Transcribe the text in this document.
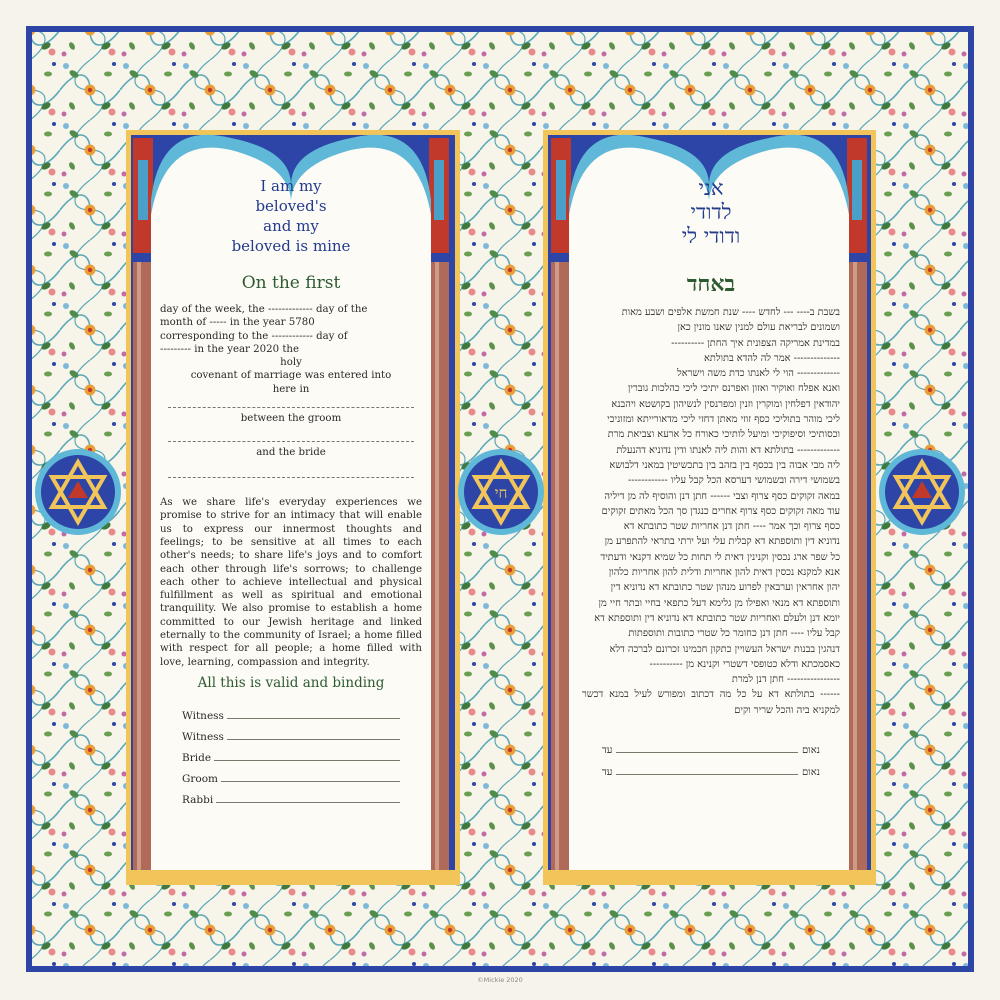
חי
I am my
beloved's
and my
beloved is mine
אני
לדודי
ודודי לי
On the first
day of the week, the ------------- day of the
month of ----- in the year 5780
corresponding to the ------------ day of
--------- in the year 2020 the
holy
covenant of marriage was entered into
here in
between the groom
and the bride
As we share life's everyday experiences we promise to strive for an intimacy that will enable us to express our innermost thoughts and feelings; to be sensitive at all times to each other's needs; to share life's joys and to comfort each other through life's sorrows; to challenge each other to achieve intellectual and physical fulfillment as well as spiritual and emotional tranquility. We also promise to establish a home committed to our Jewish heritage and linked eternally to the community of Israel; a home filled with respect for all people; a home filled with love, learning, compassion and integrity.
All this is valid and binding
Witness
Witness
Bride
Groom
Rabbi
באחד
בשבת ב---- --- לחדש ---- שנת חמשת אלפים ושבע מאות
ושמונים לבריאת עולם למנין שאנו מונין כאן
במדינת אמריקה הצפונית איך החתן ----------
-------------- אמר לה להדא בתולתא
------------- הוי לי לאנתו כדת משה וישראל
ואנא אפלח ואוקיר ואזון ואפרנס יתיכי ליכי כהלכות גוברין
יהודאין דפלחין ומוקרין וזנין ומפרנסין לנשיהון בקושטא ויהבנא
ליכי מוהר בתוליכי כסף זוזי מאתן דחזי ליכי מדאורייתא ומזוניכי
וכסותיכי וסיפוקיכי ומיעל לותיכי כאורח כל ארעא וצביאת מרת
------------- בתולתא דא והות ליה לאנתו ודין נדוניא דהנעלת
ליה מבי אבוה בין בכסף בין בזהב בין בתכשיטין במאני דלבושא
בשמושי דירה ובשמושי דערסא הכל קבל עליו ------------
במאה זקוקים כסף צרוף וצבי ------ חתן דנן והוסיף לה מן דיליה
עוד מאה זקוקים כסף צרוף אחרים כנגדן סך הכל מאתים זקוקים
כסף צרוף וכך אמר ---- חתן דנן אחריות שטר כתובתא דא
נדוניא דין ותוספתא דא קבלית עלי ועל ירתי בתראי להתפרע מן
כל שפר ארג נכסין וקנינין דאית לי תחות כל שמיא דקנאי ודעתיד
אנא למקנא נכסין דאית להון אחריות ודלית להון אחריות כלהון
יהון אחראין וערבאין לפרוע מנהון שטר כתובתא דא נדוניא דין
ותוספתא דא מנאי ואפילו מן גלימא דעל כתפאי בחיי ובתר חיי מן
יומא דנן ולעלם ואחריות שטר כתובתא דא נדוניא דין ותוספתא דא
קבל עליו ---- חתן דנן כחומר כל שטרי כתובות ותוספתות
דנהגין בבנות ישראל העשויין כתקון חכמינו זכרונם לברכה דלא
כאסמכתא ודלא כטופסי דשטרי וקנינא מן ----------
---------------- חתן דנן למרת
------ בתולתא דא על כל מה דכתוב ומפורש לעיל במנא דכשר למקניא ביה והכל שריר וקים
נאום
עד
נאום
עד
©Mickie 2020
